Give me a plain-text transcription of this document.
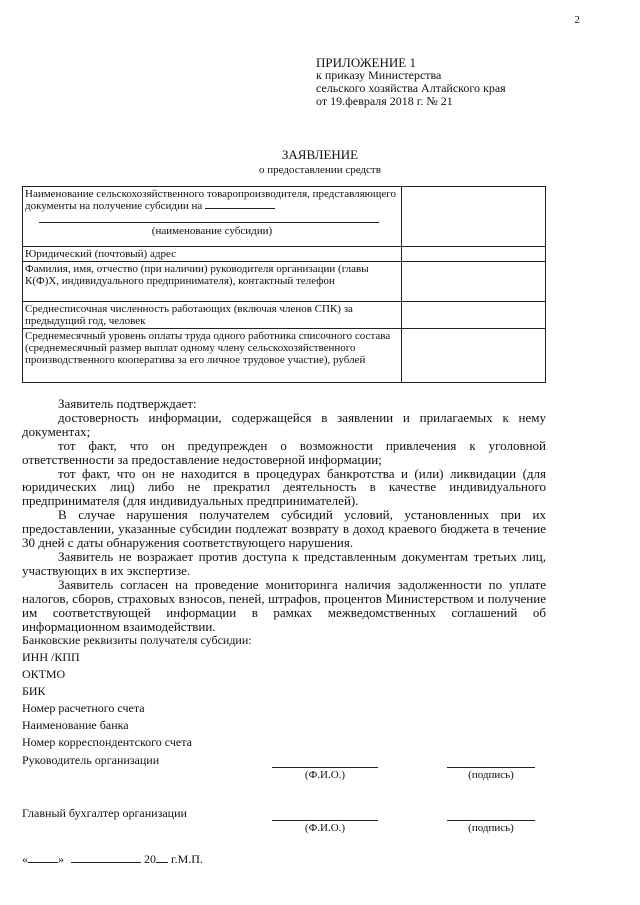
2
ПРИЛОЖЕНИЕ 1
к приказу Министерства
сельского хозяйства Алтайского края
от 19.февраля 2018 г. № 21
ЗАЯВЛЕНИЕ
о предоставлении средств
Наименование сельскохозяйственного товаропроизводителя, представляющего документы на получение субсидии на
(наименование субсидии)	

Юридический (почтовый) адрес	
Фамилия, имя, отчество (при наличии) руководителя организации (главы К(Ф)Х, индивидуального предпринимателя), контактный телефон	
Среднесписочная численность работающих (включая членов СПК) за предыдущий год, человек	
Среднемесячный уровень оплаты труда одного работника списочного состава (среднемесячный размер выплат одному члену сельскохозяйственного производственного кооператива за его личное трудовое участие), рублей	

Заявитель подтверждает:

достоверность информации, содержащейся в заявлении и прилагаемых к нему документах;

тот факт, что он предупрежден о возможности привлечения к уголовной ответственности за предоставление недостоверной информации;

тот факт, что он не находится в процедурах банкротства и (или) ликвидации (для юридических лиц) либо не прекратил деятельность в качестве индивидуального предпринимателя (для индивидуальных предпринимателей).

В случае нарушения получателем субсидий условий, установленных при их предоставлении, указанные субсидии подлежат возврату в доход краевого бюджета в течение 30 дней с даты обнаружения соответствующего нарушения.

Заявитель не возражает против доступа к представленным документам третьих лиц, участвующих в их экспертизе.

Заявитель согласен на проведение мониторинга наличия задолженности по уплате налогов, сборов, страховых взносов, пеней, штрафов, процентов Министерством и получение им соответствующей информации в рамках межведомственных соглашений об информационном взаимодействии.

Банковские реквизиты получателя субсидии:
ИНН /КПП
ОКТМО
БИК
Номер расчетного счета
Наименование банка
Номер корреспондентского счета
Руководитель организации
(Ф.И.О.)	(подпись)
Главный бухгалтер организации
(Ф.И.О.)	(подпись)
«	»	20 г.М.П.
